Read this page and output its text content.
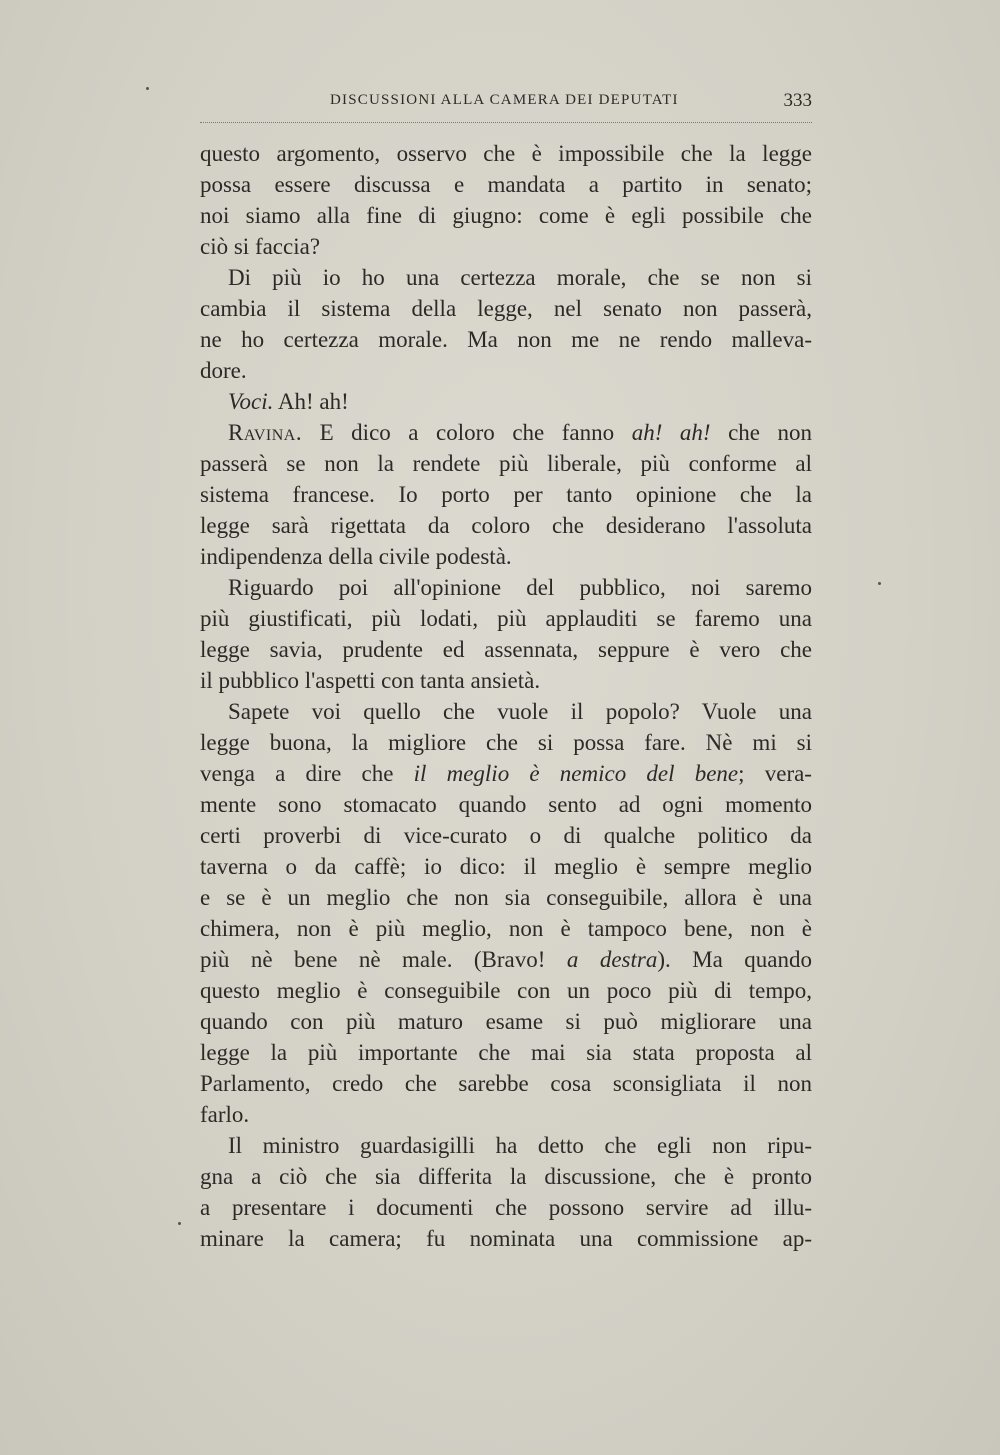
DISCUSSIONI ALLA CAMERA DEI DEPUTATI	333
questo argomento, osservo che è impossibile che la legge
possa essere discussa e mandata a partito in senato;
noi siamo alla fine di giugno: come è egli possibile che
ciò si faccia?
Di più io ho una certezza morale, che se non si
cambia il sistema della legge, nel senato non passerà,
ne ho certezza morale. Ma non me ne rendo malleva-
dore.
Voci. Ah! ah!
Ravina. E dico a coloro che fanno ah! ah! che non
passerà se non la rendete più liberale, più conforme al
sistema francese. Io porto per tanto opinione che la
legge sarà rigettata da coloro che desiderano l'assoluta
indipendenza della civile podestà.
Riguardo poi all'opinione del pubblico, noi saremo
più giustificati, più lodati, più applauditi se faremo una
legge savia, prudente ed assennata, seppure è vero che
il pubblico l'aspetti con tanta ansietà.
Sapete voi quello che vuole il popolo? Vuole una
legge buona, la migliore che si possa fare. Nè mi si
venga a dire che il meglio è nemico del bene; vera-
mente sono stomacato quando sento ad ogni momento
certi proverbi di vice-curato o di qualche politico da
taverna o da caffè; io dico: il meglio è sempre meglio
e se è un meglio che non sia conseguibile, allora è una
chimera, non è più meglio, non è tampoco bene, non è
più nè bene nè male. (Bravo! a destra). Ma quando
questo meglio è conseguibile con un poco più di tempo,
quando con più maturo esame si può migliorare una
legge la più importante che mai sia stata proposta al
Parlamento, credo che sarebbe cosa sconsigliata il non
farlo.
Il ministro guardasigilli ha detto che egli non ripu-
gna a ciò che sia differita la discussione, che è pronto
a presentare i documenti che possono servire ad illu-
minare la camera; fu nominata una commissione ap-
